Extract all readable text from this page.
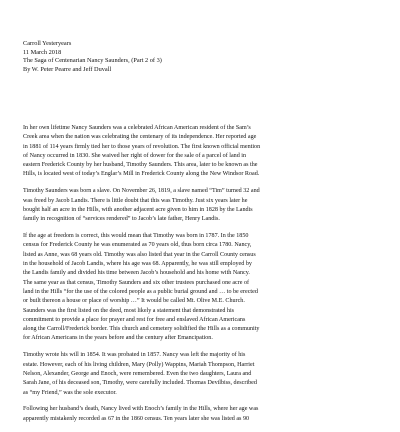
Carroll Yesteryears
11 March 2018
The Saga of Centenarian Nancy Saunders, (Part 2 of 3)
By W. Peter Pearre and Jeff Duvall
In her own lifetime Nancy Saunders was a celebrated African American resident of the Sam’s
Creek area when the nation was celebrating the centenary of its independence. Her reported age
in 1881 of 114 years firmly tied her to those years of revolution. The first known official mention
of Nancy occurred in 1830. She waived her right of dower for the sale of a parcel of land in
eastern Frederick County by her husband, Timothy Saunders. This area, later to be known as the
Hills, is located west of today’s Englar’s Mill in Frederick County along the New Windsor Road.
Timothy Saunders was born a slave. On November 26, 1819, a slave named “Tim” turned 32 and
was freed by Jacob Landis. There is little doubt that this was Timothy. Just six years later he
bought half an acre in the Hills, with another adjacent acre given to him in 1828 by the Landis
family in recognition of “services rendered” to Jacob’s late father, Henry Landis.
If the age at freedom is correct, this would mean that Timothy was born in 1787. In the 1850
census for Frederick County he was enumerated as 70 years old, thus born circa 1780. Nancy,
listed as Anne, was 68 years old. Timothy was also listed that year in the Carroll County census
in the household of Jacob Landis, where his age was 68. Apparently, he was still employed by
the Landis family and divided his time between Jacob’s household and his home with Nancy.
The same year as that census, Timothy Saunders and six other trustees purchased one acre of
land in the Hills “for the use of the colored people as a public burial ground and … to be erected
or built thereon a house or place of worship …” It would be called Mt. Olive M.E. Church.
Saunders was the first listed on the deed, most likely a statement that demonstrated his
commitment to provide a place for prayer and rest for free and enslaved African Americans
along the Carroll/Frederick border. This church and cemetery solidified the Hills as a community
for African Americans in the years before and the century after Emancipation.
Timothy wrote his will in 1854. It was probated in 1857. Nancy was left the majority of his
estate. However, each of his living children, Mary (Polly) Wappins, Mariah Thompson, Harriet
Nelson, Alexander, George and Enoch, were remembered. Even the two daughters, Laura and
Sarah Jane, of his deceased son, Timothy, were carefully included. Thomas Devilbiss, described
as “my Friend,” was the sole executor.
Following her husband’s death, Nancy lived with Enoch’s family in the Hills, where her age was
apparently mistakenly recorded as 67 in the 1860 census. Ten years later she was listed as 90
